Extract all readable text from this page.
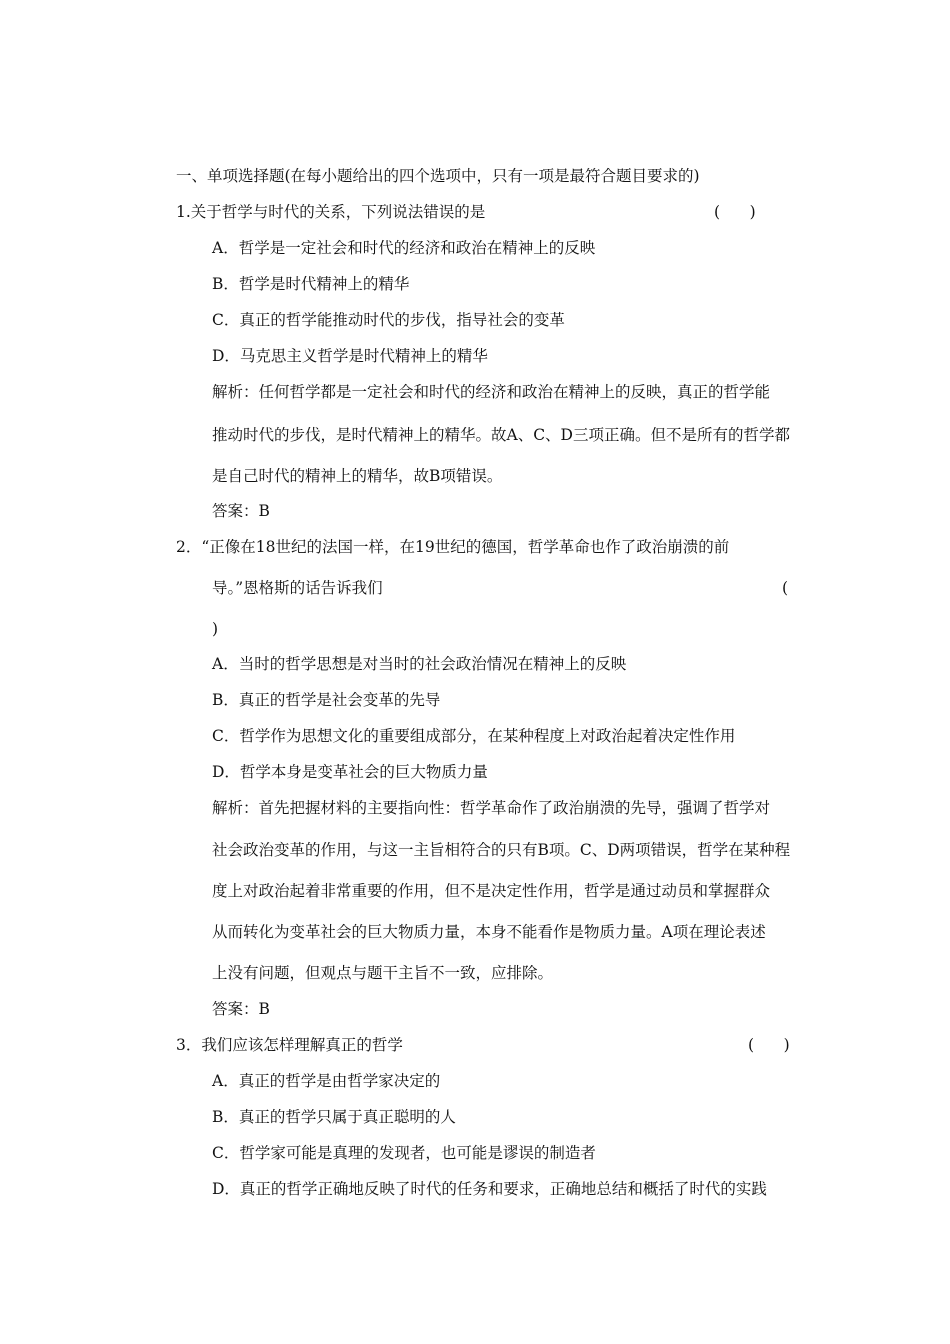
一、单项选择题(在每小题给出的四个选项中，只有一项是最符合题目要求的)
1.关于哲学与时代的关系，下列说法错误的是	(      )
A．哲学是一定社会和时代的经济和政治在精神上的反映
B．哲学是时代精神上的精华
C．真正的哲学能推动时代的步伐，指导社会的变革
D．马克思主义哲学是时代精神上的精华
解析：任何哲学都是一定社会和时代的经济和政治在精神上的反映，真正的哲学能
推动时代的步伐，是时代精神上的精华。故A、C、D三项正确。但不是所有的哲学都
是自己时代的精神上的精华，故B项错误。
答案：B
2．“正像在18世纪的法国一样，在19世纪的德国，哲学革命也作了政治崩溃的前
导。”恩格斯的话告诉我们	(
)
A．当时的哲学思想是对当时的社会政治情况在精神上的反映
B．真正的哲学是社会变革的先导
C．哲学作为思想文化的重要组成部分，在某种程度上对政治起着决定性作用
D．哲学本身是变革社会的巨大物质力量
解析：首先把握材料的主要指向性：哲学革命作了政治崩溃的先导，强调了哲学对
社会政治变革的作用，与这一主旨相符合的只有B项。C、D两项错误，哲学在某种程
度上对政治起着非常重要的作用，但不是决定性作用，哲学是通过动员和掌握群众
从而转化为变革社会的巨大物质力量，本身不能看作是物质力量。A项在理论表述
上没有问题，但观点与题干主旨不一致，应排除。
答案：B
3．我们应该怎样理解真正的哲学	(      )
A．真正的哲学是由哲学家决定的
B．真正的哲学只属于真正聪明的人
C．哲学家可能是真理的发现者，也可能是谬误的制造者
D．真正的哲学正确地反映了时代的任务和要求，正确地总结和概括了时代的实践
